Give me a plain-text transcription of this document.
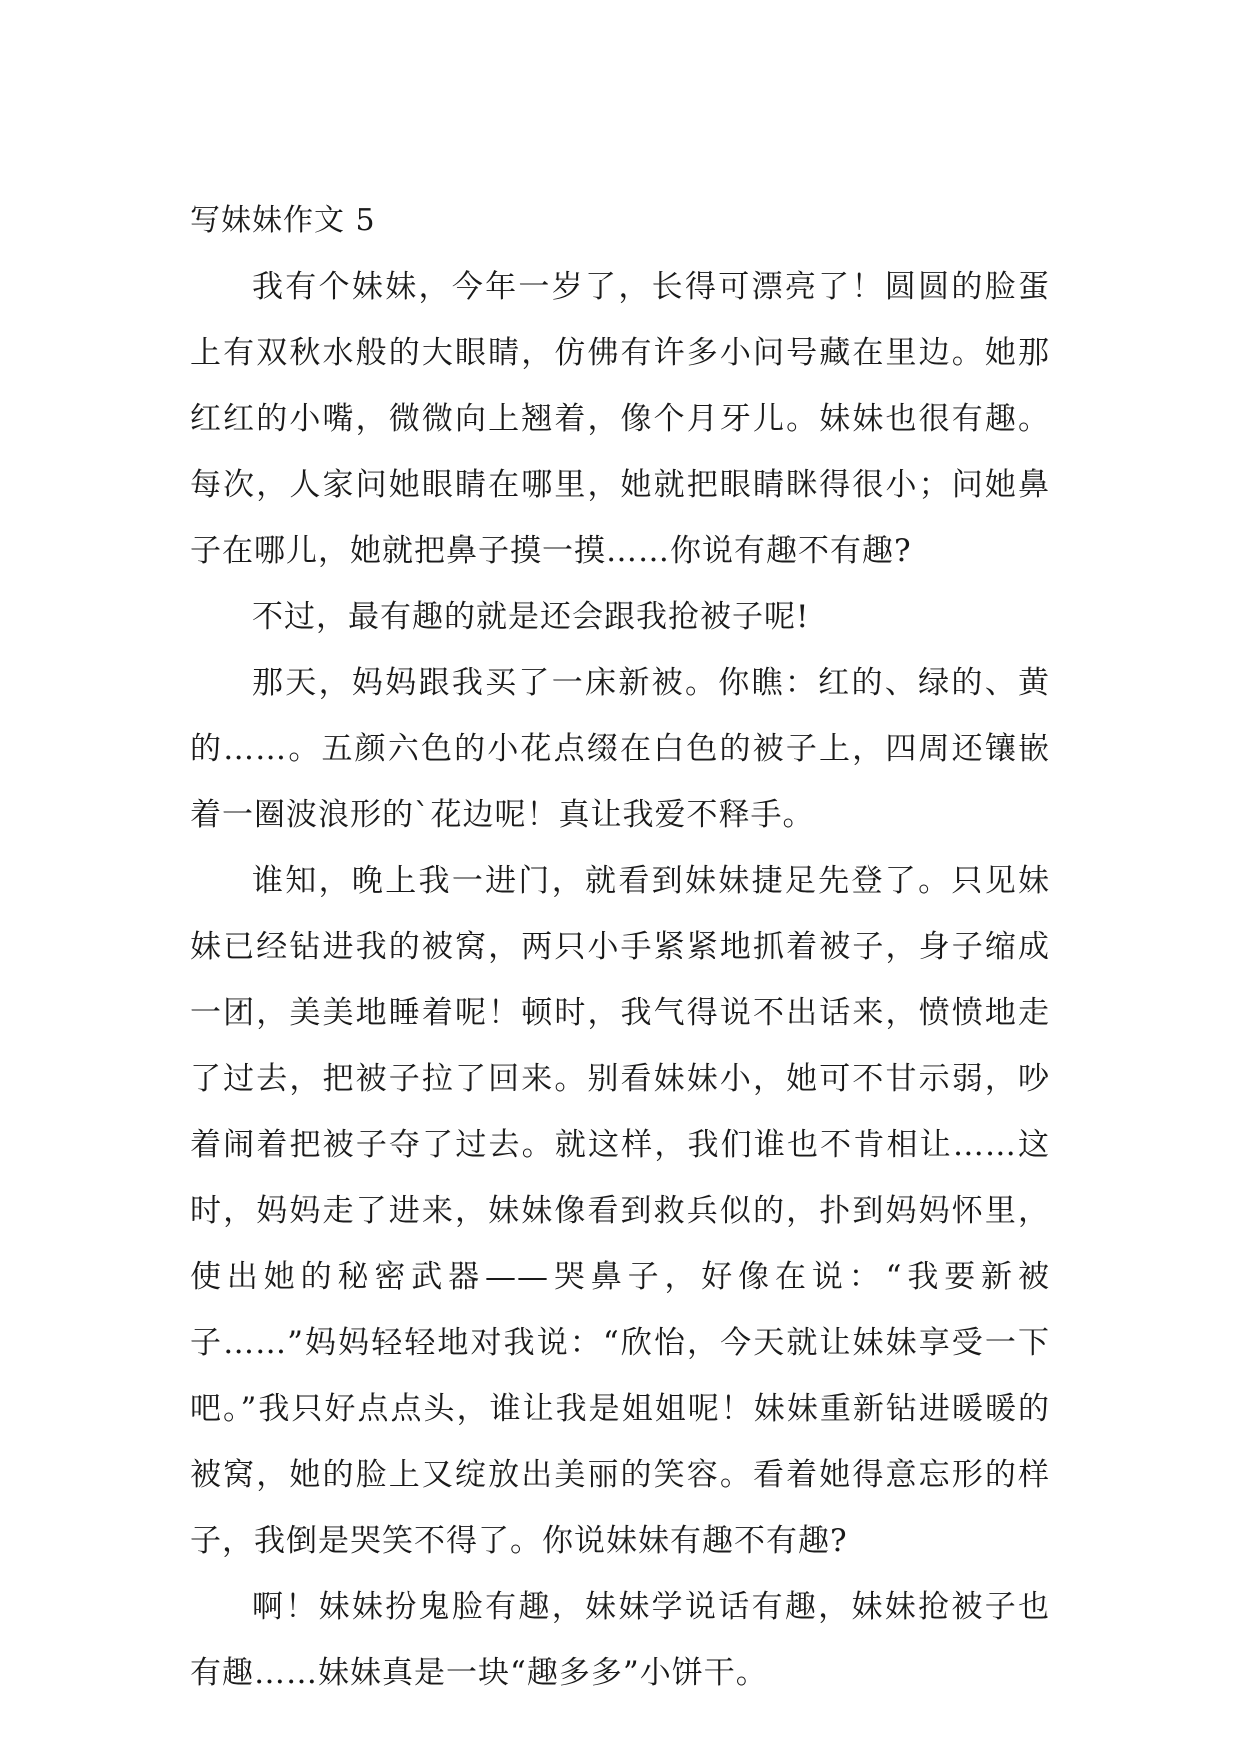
写妹妹作文 5

我有个妹妹，今年一岁了，长得可漂亮了！圆圆的脸蛋上有双秋水般的大眼睛，仿佛有许多小问号藏在里边。她那红红的小嘴，微微向上翘着，像个月牙儿。妹妹也很有趣。每次，人家问她眼睛在哪里，她就把眼睛眯得很小；问她鼻子在哪儿，她就把鼻子摸一摸……你说有趣不有趣?

不过，最有趣的就是还会跟我抢被子呢!

那天，妈妈跟我买了一床新被。你瞧：红的、绿的、黄的……。五颜六色的小花点缀在白色的被子上，四周还镶嵌着一圈波浪形的`花边呢！真让我爱不释手。

谁知，晚上我一进门，就看到妹妹捷足先登了。只见妹妹已经钻进我的被窝，两只小手紧紧地抓着被子，身子缩成一团，美美地睡着呢！顿时，我气得说不出话来，愤愤地走了过去，把被子拉了回来。别看妹妹小，她可不甘示弱，吵着闹着把被子夺了过去。就这样，我们谁也不肯相让……这时，妈妈走了进来，妹妹像看到救兵似的，扑到妈妈怀里，使出她的秘密武器——哭鼻子，好像在说：“我要新被子……”妈妈轻轻地对我说：“欣怡，今天就让妹妹享受一下吧。”我只好点点头，谁让我是姐姐呢！妹妹重新钻进暖暖的被窝，她的脸上又绽放出美丽的笑容。看着她得意忘形的样子，我倒是哭笑不得了。你说妹妹有趣不有趣?

啊！妹妹扮鬼脸有趣，妹妹学说话有趣，妹妹抢被子也有趣……妹妹真是一块“趣多多”小饼干。
